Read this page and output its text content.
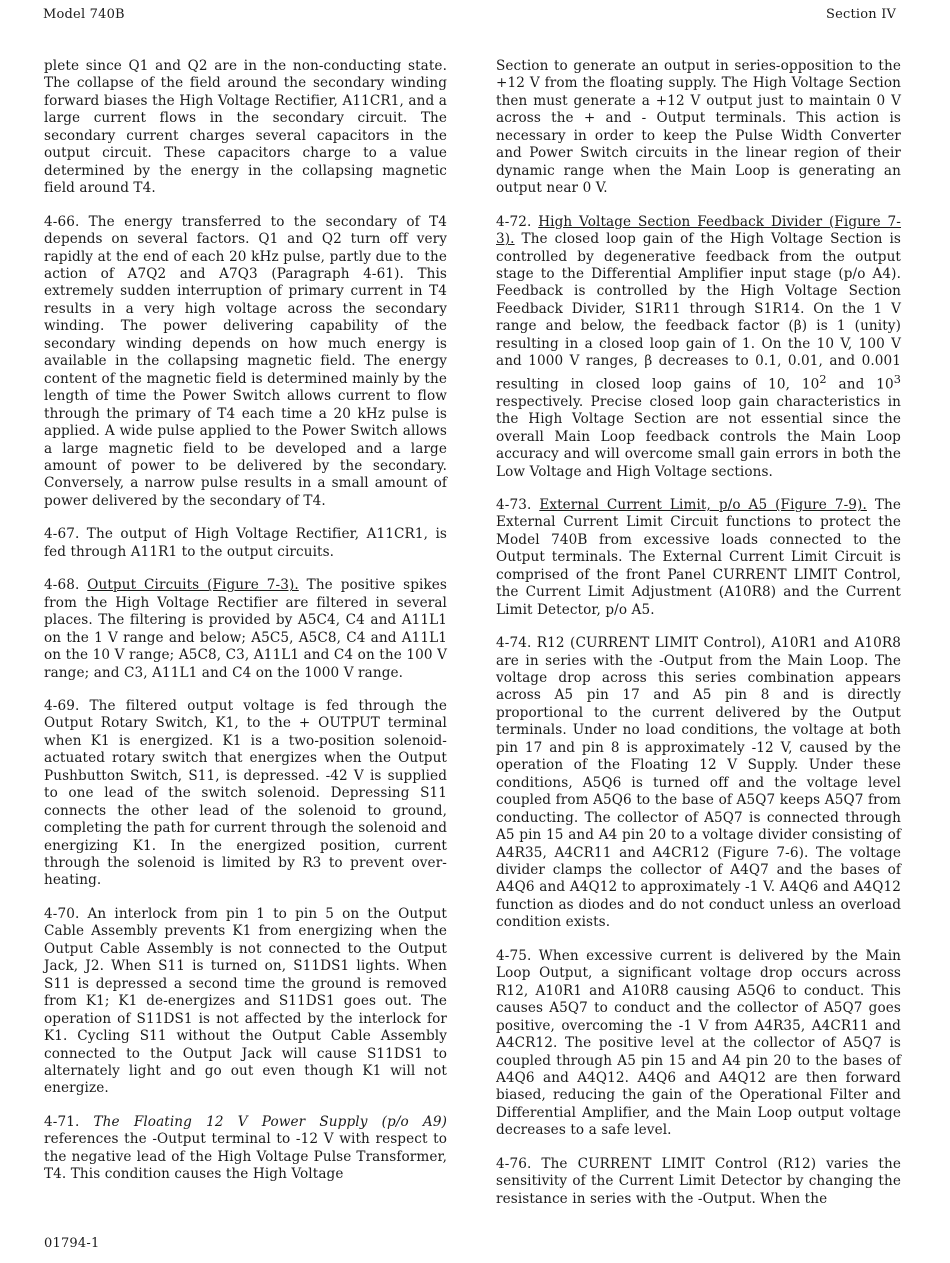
Model 740B	Section IV

plete since Q1 and Q2 are in the non-conducting state. The collapse of the field around the secondary winding forward biases the High Voltage Rectifier, A11CR1, and a large current flows in the secondary circuit. The secondary current charges several capacitors in the output circuit. These capacitors charge to a value determined by the energy in the collapsing magnetic field around T4.

4-66. The energy transferred to the secondary of T4 depends on several factors. Q1 and Q2 turn off very rapidly at the end of each 20 kHz pulse, partly due to the action of A7Q2 and A7Q3 (Paragraph 4-61). This extremely sudden interruption of primary current in T4 results in a very high voltage across the secondary winding. The power delivering capability of the secondary winding depends on how much energy is available in the collapsing magnetic field. The energy content of the magnetic field is determined mainly by the length of time the Power Switch allows current to flow through the primary of T4 each time a 20 kHz pulse is applied. A wide pulse applied to the Power Switch allows a large magnetic field to be developed and a large amount of power to be delivered by the secondary. Conversely, a narrow pulse results in a small amount of power delivered by the secondary of T4.

4-67. The output of High Voltage Rectifier, A11CR1, is fed through A11R1 to the output circuits.

4-68. Output Circuits (Figure 7-3). The positive spikes from the High Voltage Rectifier are filtered in several places. The filtering is provided by A5C4, C4 and A11L1 on the 1 V range and below; A5C5, A5C8, C4 and A11L1 on the 10 V range; A5C8, C3, A11L1 and C4 on the 100 V range; and C3, A11L1 and C4 on the 1000 V range.

4-69. The filtered output voltage is fed through the Output Rotary Switch, K1, to the + OUTPUT terminal when K1 is energized. K1 is a two-position solenoid-actuated rotary switch that energizes when the Output Pushbutton Switch, S11, is depressed. -42 V is supplied to one lead of the switch solenoid. Depressing S11 connects the other lead of the solenoid to ground, completing the path for current through the solenoid and energizing K1. In the energized position, current through the solenoid is limited by R3 to prevent over-heating.

4-70. An interlock from pin 1 to pin 5 on the Output Cable Assembly prevents K1 from energizing when the Output Cable Assembly is not connected to the Output Jack, J2. When S11 is turned on, S11DS1 lights. When S11 is depressed a second time the ground is removed from K1; K1 de-energizes and S11DS1 goes out. The operation of S11DS1 is not affected by the interlock for K1. Cycling S11 without the Output Cable Assembly connected to the Output Jack will cause S11DS1 to alternately light and go out even though K1 will not energize.

4-71. The Floating 12 V Power Supply (p/o A9) references the -Output terminal to -12 V with respect to the negative lead of the High Voltage Pulse Transformer, T4. This condition causes the High Voltage

Section to generate an output in series-opposition to the +12 V from the floating supply. The High Voltage Section then must generate a +12 V output just to maintain 0 V across the + and - Output terminals. This action is necessary in order to keep the Pulse Width Converter and Power Switch circuits in the linear region of their dynamic range when the Main Loop is generating an output near 0 V.

4-72. High Voltage Section Feedback Divider (Figure 7-3). The closed loop gain of the High Voltage Section is controlled by degenerative feedback from the output stage to the Differential Amplifier input stage (p/o A4). Feedback is controlled by the High Voltage Section Feedback Divider, S1R11 through S1R14. On the 1 V range and below, the feedback factor (β) is 1 (unity) resulting in a closed loop gain of 1. On the 10 V, 100 V and 1000 V ranges, β decreases to 0.1, 0.01, and 0.001 resulting in closed loop gains of 10, $10^2$ and $10^3$ respectively. Precise closed loop gain characteristics in the High Voltage Section are not essential since the overall Main Loop feedback controls the Main Loop accuracy and will overcome small gain errors in both the Low Voltage and High Voltage sections.

4-73. External Current Limit, p/o A5 (Figure 7-9). The External Current Limit Circuit functions to protect the Model 740B from excessive loads connected to the Output terminals. The External Current Limit Circuit is comprised of the front Panel CURRENT LIMIT Control, the Current Limit Adjustment (A10R8) and the Current Limit Detector, p/o A5.

4-74. R12 (CURRENT LIMIT Control), A10R1 and A10R8 are in series with the -Output from the Main Loop. The voltage drop across this series combination appears across A5 pin 17 and A5 pin 8 and is directly proportional to the current delivered by the Output terminals. Under no load conditions, the voltage at both pin 17 and pin 8 is approximately -12 V, caused by the operation of the Floating 12 V Supply. Under these conditions, A5Q6 is turned off and the voltage level coupled from A5Q6 to the base of A5Q7 keeps A5Q7 from conducting. The collector of A5Q7 is connected through A5 pin 15 and A4 pin 20 to a voltage divider consisting of A4R35, A4CR11 and A4CR12 (Figure 7-6). The voltage divider clamps the collector of A4Q7 and the bases of A4Q6 and A4Q12 to approximately -1 V. A4Q6 and A4Q12 function as diodes and do not conduct unless an overload condition exists.

4-75. When excessive current is delivered by the Main Loop Output, a significant voltage drop occurs across R12, A10R1 and A10R8 causing A5Q6 to conduct. This causes A5Q7 to conduct and the collector of A5Q7 goes positive, overcoming the -1 V from A4R35, A4CR11 and A4CR12. The positive level at the collector of A5Q7 is coupled through A5 pin 15 and A4 pin 20 to the bases of A4Q6 and A4Q12. A4Q6 and A4Q12 are then forward biased, reducing the gain of the Operational Filter and Differential Amplifier, and the Main Loop output voltage decreases to a safe level.

4-76. The CURRENT LIMIT Control (R12) varies the sensitivity of the Current Limit Detector by changing the resistance in series with the -Output. When the

01794-1
